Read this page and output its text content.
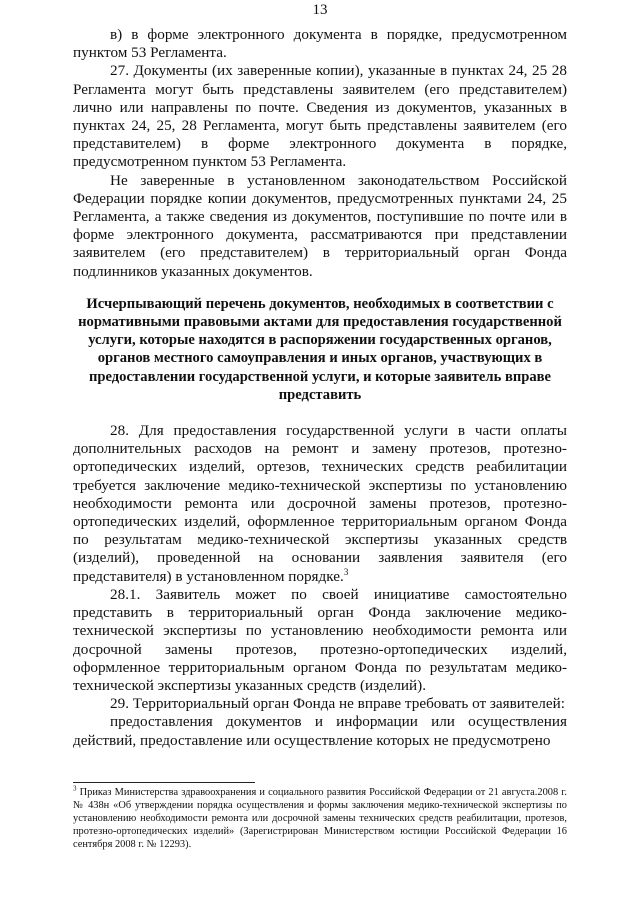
13

в) в форме электронного документа в порядке, предусмотренном пунктом 53 Регламента.

27. Документы (их заверенные копии), указанные в пунктах 24, 25 28 Регламента могут быть представлены заявителем (его представителем) лично или направлены по почте. Сведения из документов, указанных в пунктах 24, 25, 28 Регламента, могут быть представлены заявителем (его представителем) в форме электронного документа в порядке, предусмотренном пунктом 53 Регламента.

Не заверенные в установленном законодательством Российской Федерации порядке копии документов, предусмотренных пунктами 24, 25 Регламента, а также сведения из документов, поступившие по почте или в форме электронного документа, рассматриваются при представлении заявителем (его представителем) в территориальный орган Фонда подлинников указанных документов.

Исчерпывающий перечень документов, необходимых в соответствии с нормативными правовыми актами для предоставления государственной услуги, которые находятся в распоряжении государственных органов, органов местного самоуправления и иных органов, участвующих в предоставлении государственной услуги, и которые заявитель вправе представить

28. Для предоставления государственной услуги в части оплаты дополнительных расходов на ремонт и замену протезов, протезно-ортопедических изделий, ортезов, технических средств реабилитации требуется заключение медико-технической экспертизы по установлению необходимости ремонта или досрочной замены протезов, протезно-ортопедических изделий, оформленное территориальным органом Фонда по результатам медико-технической экспертизы указанных средств (изделий), проведенной на основании заявления заявителя (его представителя) в установленном порядке.$^3$

28.1. Заявитель может по своей инициативе самостоятельно представить в территориальный орган Фонда заключение медико-технической экспертизы по установлению необходимости ремонта или досрочной замены протезов, протезно-ортопедических изделий, оформленное территориальным органом Фонда по результатам медико-технической экспертизы указанных средств (изделий).

29. Территориальный орган Фонда не вправе требовать от заявителей:

предоставления документов и информации или осуществления действий, предоставление или осуществление которых не предусмотрено

$^3$ Приказ Министерства здравоохранения и социального развития Российской Федерации от 21 августа.2008 г. № 438н «Об утверждении порядка осуществления и формы заключения медико-технической экспертизы по установлению необходимости ремонта или досрочной замены технических средств реабилитации, протезов, протезно-ортопедических изделий» (Зарегистрирован Министерством юстиции Российской Федерации 16 сентября 2008 г. № 12293).
